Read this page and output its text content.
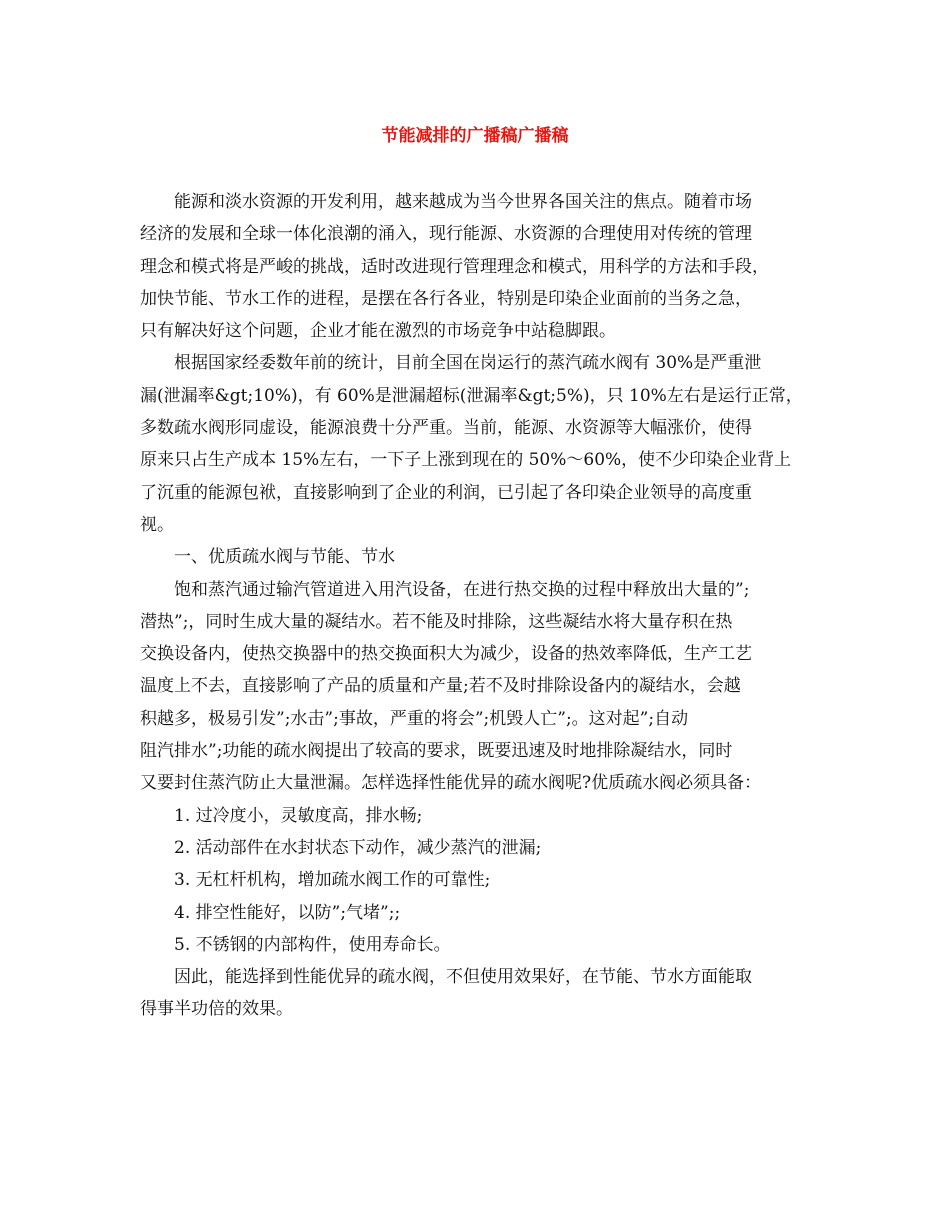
节能减排的广播稿广播稿
能源和淡水资源的开发利用，越来越成为当今世界各国关注的焦点。随着市场
经济的发展和全球一体化浪潮的涌入，现行能源、水资源的合理使用对传统的管理
理念和模式将是严峻的挑战，适时改进现行管理理念和模式，用科学的方法和手段，
加快节能、节水工作的进程，是摆在各行各业，特别是印染企业面前的当务之急，
只有解决好这个问题，企业才能在激烈的市场竞争中站稳脚跟。
根据国家经委数年前的统计，目前全国在岗运行的蒸汽疏水阀有 30%是严重泄
漏(泄漏率&gt;10%)，有 60%是泄漏超标(泄漏率&gt;5%)，只 10%左右是运行正常，
多数疏水阀形同虚设，能源浪费十分严重。当前，能源、水资源等大幅涨价，使得
原来只占生产成本 15%左右，一下子上涨到现在的 50%～60%，使不少印染企业背上
了沉重的能源包袱，直接影响到了企业的利润，已引起了各印染企业领导的高度重
视。
一、优质疏水阀与节能、节水
饱和蒸汽通过输汽管道进入用汽设备，在进行热交换的过程中释放出大量的”;
潜热”;，同时生成大量的凝结水。若不能及时排除，这些凝结水将大量存积在热
交换设备内，使热交换器中的热交换面积大为减少，设备的热效率降低，生产工艺
温度上不去，直接影响了产品的质量和产量;若不及时排除设备内的凝结水，会越
积越多，极易引发”;水击”;事故，严重的将会”;机毁人亡”;。这对起”;自动
阻汽排水”;功能的疏水阀提出了较高的要求，既要迅速及时地排除凝结水，同时
又要封住蒸汽防止大量泄漏。怎样选择性能优异的疏水阀呢?优质疏水阀必须具备：
1. 过冷度小，灵敏度高，排水畅;
2. 活动部件在水封状态下动作，减少蒸汽的泄漏;
3. 无杠杆机构，增加疏水阀工作的可靠性;
4. 排空性能好，以防”;气堵”;;
5. 不锈钢的内部构件，使用寿命长。
因此，能选择到性能优异的疏水阀，不但使用效果好，在节能、节水方面能取
得事半功倍的效果。
